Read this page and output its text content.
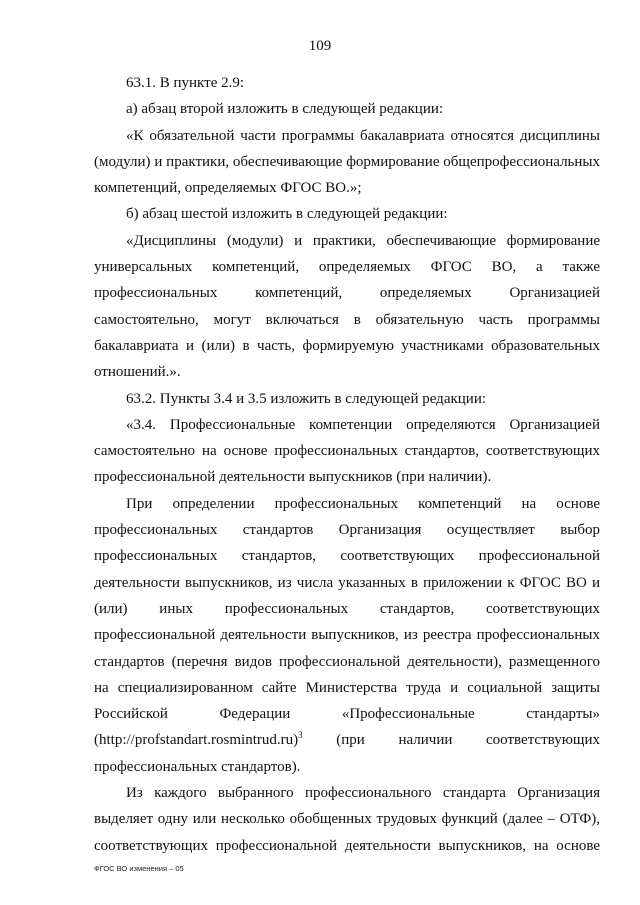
109

63.1. В пункте 2.9:

а) абзац второй изложить в следующей редакции:

«К обязательной части программы бакалавриата относятся дисциплины (модули) и практики, обеспечивающие формирование общепрофессиональных компетенций, определяемых ФГОС ВО.»;

б) абзац шестой изложить в следующей редакции:

«Дисциплины (модули) и практики, обеспечивающие формирование универсальных компетенций, определяемых ФГОС ВО, а также профессиональных компетенций, определяемых Организацией самостоятельно, могут включаться в обязательную часть программы бакалавриата и (или) в часть, формируемую участниками образовательных отношений.».

63.2. Пункты 3.4 и 3.5 изложить в следующей редакции:

«3.4. Профессиональные компетенции определяются Организацией самостоятельно на основе профессиональных стандартов, соответствующих профессиональной деятельности выпускников (при наличии).

При определении профессиональных компетенций на основе профессиональных стандартов Организация осуществляет выбор профессиональных стандартов, соответствующих профессиональной деятельности выпускников, из числа указанных в приложении к ФГОС ВО и (или) иных профессиональных стандартов, соответствующих профессиональной деятельности выпускников, из реестра профессиональных стандартов (перечня видов профессиональной деятельности), размещенного на специализированном сайте Министерства труда и социальной защиты Российской Федерации «Профессиональные стандарты» (http://profstandart.rosmintrud.ru)$^3$ (при наличии соответствующих профессиональных стандартов).

Из каждого выбранного профессионального стандарта Организация выделяет одну или несколько обобщенных трудовых функций (далее – ОТФ), соответствующих профессиональной деятельности выпускников, на основе

ФГОС ВО изменения – 05
